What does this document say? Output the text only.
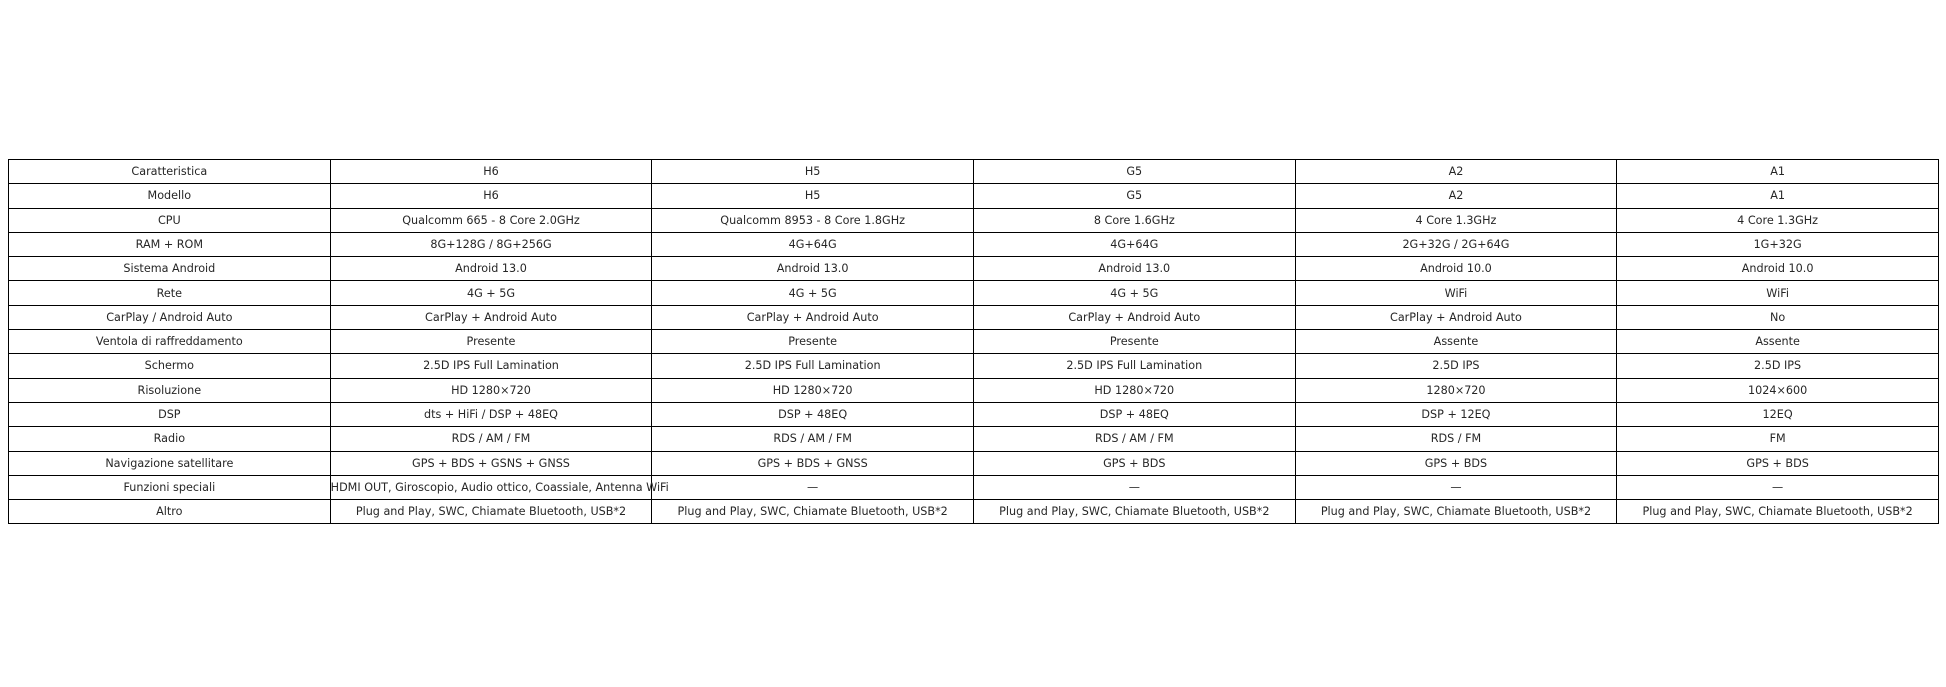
Caratteristica	H6	H5	G5	A2	A1
Modello	H6	H5	G5	A2	A1
CPU	Qualcomm 665 - 8 Core 2.0GHz	Qualcomm 8953 - 8 Core 1.8GHz	8 Core 1.6GHz	4 Core 1.3GHz	4 Core 1.3GHz
RAM + ROM	8G+128G / 8G+256G	4G+64G	4G+64G	2G+32G / 2G+64G	1G+32G
Sistema Android	Android 13.0	Android 13.0	Android 13.0	Android 10.0	Android 10.0
Rete	4G + 5G	4G + 5G	4G + 5G	WiFi	WiFi
CarPlay / Android Auto	CarPlay + Android Auto	CarPlay + Android Auto	CarPlay + Android Auto	CarPlay + Android Auto	No
Ventola di raffreddamento	Presente	Presente	Presente	Assente	Assente
Schermo	2.5D IPS Full Lamination	2.5D IPS Full Lamination	2.5D IPS Full Lamination	2.5D IPS	2.5D IPS
Risoluzione	HD 1280×720	HD 1280×720	HD 1280×720	1280×720	1024×600
DSP	dts + HiFi / DSP + 48EQ	DSP + 48EQ	DSP + 48EQ	DSP + 12EQ	12EQ
Radio	RDS / AM / FM	RDS / AM / FM	RDS / AM / FM	RDS / FM	FM
Navigazione satellitare	GPS + BDS + GSNS + GNSS	GPS + BDS + GNSS	GPS + BDS	GPS + BDS	GPS + BDS
Funzioni speciali	HDMI OUT, Giroscopio, Audio ottico, Coassiale, Antenna WiFi	—	—	—	—
Altro	Plug and Play, SWC, Chiamate Bluetooth, USB*2	Plug and Play, SWC, Chiamate Bluetooth, USB*2	Plug and Play, SWC, Chiamate Bluetooth, USB*2	Plug and Play, SWC, Chiamate Bluetooth, USB*2	Plug and Play, SWC, Chiamate Bluetooth, USB*2
